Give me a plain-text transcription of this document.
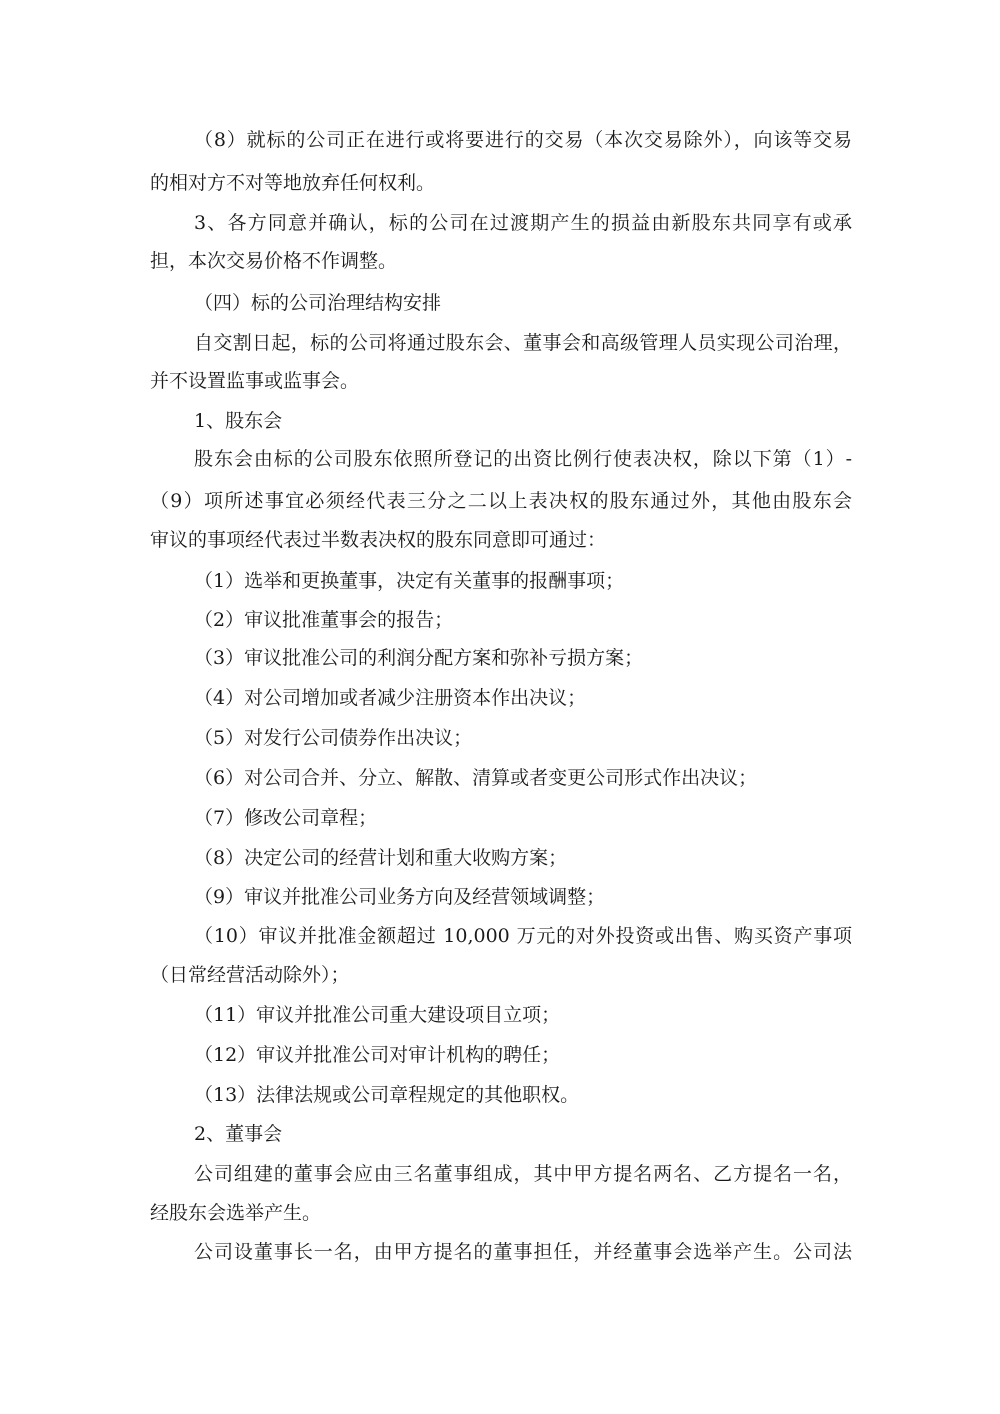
（8）就标的公司正在进行或将要进行的交易（本次交易除外），向该等交易
的相对方不对等地放弃任何权利。
3、各方同意并确认，标的公司在过渡期产生的损益由新股东共同享有或承
担，本次交易价格不作调整。
（四）标的公司治理结构安排
自交割日起，标的公司将通过股东会、董事会和高级管理人员实现公司治理，
并不设置监事或监事会。
1、股东会
股东会由标的公司股东依照所登记的出资比例行使表决权，除以下第（1）-
（9）项所述事宜必须经代表三分之二以上表决权的股东通过外，其他由股东会
审议的事项经代表过半数表决权的股东同意即可通过：
（1）选举和更换董事，决定有关董事的报酬事项；
（2）审议批准董事会的报告；
（3）审议批准公司的利润分配方案和弥补亏损方案；
（4）对公司增加或者减少注册资本作出决议；
（5）对发行公司债券作出决议；
（6）对公司合并、分立、解散、清算或者变更公司形式作出决议；
（7）修改公司章程；
（8）决定公司的经营计划和重大收购方案；
（9）审议并批准公司业务方向及经营领域调整；
（10）审议并批准金额超过 10,000 万元的对外投资或出售、购买资产事项
（日常经营活动除外）；
（11）审议并批准公司重大建设项目立项；
（12）审议并批准公司对审计机构的聘任；
（13）法律法规或公司章程规定的其他职权。
2、董事会
公司组建的董事会应由三名董事组成，其中甲方提名两名、乙方提名一名，
经股东会选举产生。
公司设董事长一名，由甲方提名的董事担任，并经董事会选举产生。公司法
